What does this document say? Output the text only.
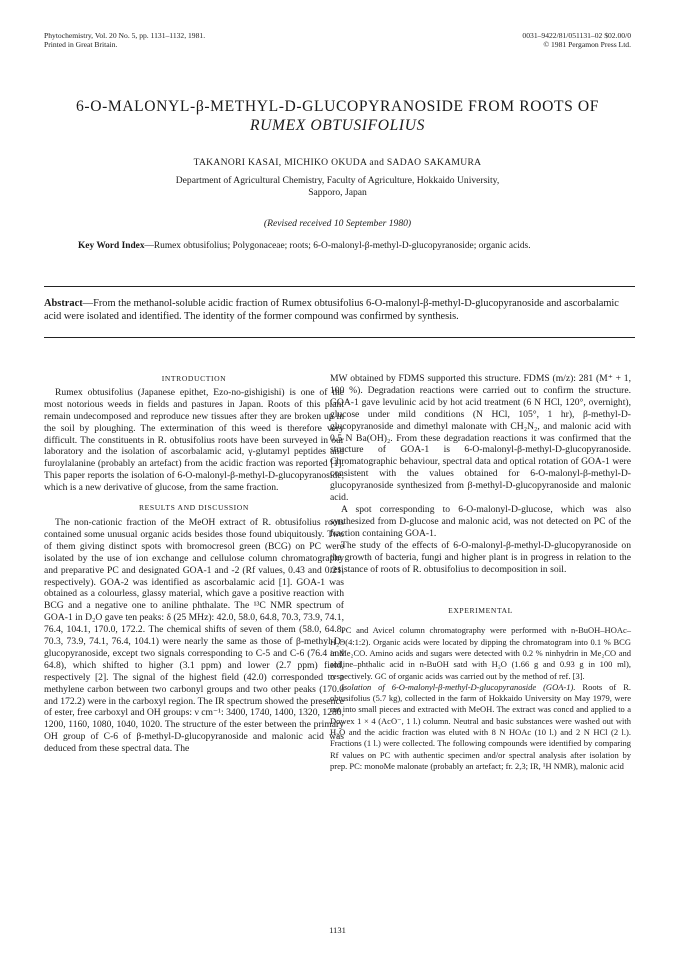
Phytochemistry, Vol. 20 No. 5, pp. 1131–1132, 1981.
Printed in Great Britain.
0031–9422/81/051131–02 $02.00/0
© 1981 Pergamon Press Ltd.
6-O-MALONYL-β-METHYL-D-GLUCOPYRANOSIDE FROM ROOTS OF
RUMEX OBTUSIFOLIUS
TAKANORI KASAI, MICHIKO OKUDA and SADAO SAKAMURA
Department of Agricultural Chemistry, Faculty of Agriculture, Hokkaido University,
Sapporo, Japan
(Revised received 10 September 1980)
Key Word Index—Rumex obtusifolius; Polygonaceae; roots; 6-O-malonyl-β-methyl-D-glucopyranoside; organic acids.
Abstract—From the methanol-soluble acidic fraction of Rumex obtusifolius 6-O-malonyl-β-methyl-D-glucopyranoside and ascorbalamic acid were isolated and identified. The identity of the former compound was confirmed by synthesis.
INTRODUCTION

Rumex obtusifolius (Japanese epithet, Ezo-no-gishigishi) is one of the most notorious weeds in fields and pastures in Japan. Roots of this plant remain undecomposed and reproduce new tissues after they are broken up in the soil by ploughing. The extermination of this weed is therefore very difficult. The constituents in R. obtusifolius roots have been surveyed in our laboratory and the isolation of ascorbalamic acid, γ-glutamyl peptides and furoylalanine (probably an artefact) from the acidic fraction was reported [1]. This paper reports the isolation of 6-O-malonyl-β-methyl-D-glucopyranoside, which is a new derivative of glucose, from the same fraction.

RESULTS AND DISCUSSION

The non-cationic fraction of the MeOH extract of R. obtusifolius roots contained some unusual organic acids besides those found ubiquitously. Two of them giving distinct spots with bromocresol green (BCG) on PC were isolated by the use of ion exchange and cellulose column chromatography and preparative PC and designated GOA-1 and -2 (Rf values, 0.43 and 0.21, respectively). GOA-2 was identified as ascorbalamic acid [1]. GOA-1 was obtained as a colourless, glassy material, which gave a positive reaction with BCG and a negative one to aniline phthalate. The ¹³C NMR spectrum of GOA-1 in D₂O gave ten peaks: δ (25 MHz): 42.0, 58.0, 64.8, 70.3, 73.9, 74.1, 76.4, 104.1, 170.0, 172.2. The chemical shifts of seven of them (58.0, 64.8, 70.3, 73.9, 74.1, 76.4, 104.1) were nearly the same as those of β-methyl-D-glucopyranoside, except two signals corresponding to C-5 and C-6 (76.4 and 64.8), which shifted to higher (3.1 ppm) and lower (2.7 ppm) field, respectively [2]. The signal of the highest field (42.0) corresponded to a methylene carbon between two carbonyl groups and two other peaks (170.0 and 172.2) were in the carboxyl region. The IR spectrum showed the presence of ester, free carboxyl and OH groups: ν cm⁻¹: 3400, 1740, 1400, 1320, 1280, 1200, 1160, 1080, 1040, 1020. The structure of the ester between the primary OH group of C-6 of β-methyl-D-glucopyranoside and malonic acid was deduced from these spectral data. The

MW obtained by FDMS supported this structure. FDMS (m/z): 281 (M⁺ + 1, 100 %). Degradation reactions were carried out to confirm the structure. GOA-1 gave levulinic acid by hot acid treatment (6 N HCl, 120°, overnight), glucose under mild conditions (N HCl, 105°, 1 hr), β-methyl-D-glucopyranoside and dimethyl malonate with CH₂N₂, and malonic acid with 0.5 N Ba(OH)₂. From these degradation reactions it was confirmed that the structure of GOA-1 is 6-O-malonyl-β-methyl-D-glucopyranoside. Chromatographic behaviour, spectral data and optical rotation of GOA-1 were consistent with the values obtained for 6-O-malonyl-β-methyl-D-glucopyranoside synthesized from β-methyl-D-glucopyranoside and malonic acid.

A spot corresponding to 6-O-malonyl-D-glucose, which was also synthesized from D-glucose and malonic acid, was not detected on PC of the fraction containing GOA-1.

The study of the effects of 6-O-malonyl-β-methyl-D-glucopyranoside on the growth of bacteria, fungi and higher plant is in progress in relation to the resistance of roots of R. obtusifolius to decomposition in soil.

EXPERIMENTAL

PC and Avicel column chromatography were performed with n-BuOH–HOAc–H₂O(4:1:2). Organic acids were located by dipping the chromatogram into 0.1 % BCG in Me₂CO. Amino acids and sugars were detected with 0.2 % ninhydrin in Me₂CO and aniline–phthalic acid in n-BuOH satd with H₂O (1.66 g and 0.93 g in 100 ml), respectively. GC of organic acids was carried out by the method of ref. [3].

Isolation of 6-O-malonyl-β-methyl-D-glucopyranoside (GOA-1). Roots of R. obtusifolius (5.7 kg), collected in the farm of Hokkaido University on May 1979, were cut into small pieces and extracted with MeOH. The extract was concd and applied to a Dowex 1 × 4 (AcO⁻, 1 l.) column. Neutral and basic substances were washed out with H₂O and the acidic fraction was eluted with 8 N HOAc (10 l.) and 2 N HCl (2 l.). Fractions (1 l.) were collected. The following compounds were identified by comparing Rf values on PC with authentic specimen and/or spectral analysis after isolation by prep. PC: monoMe malonate (probably an artefact; fr. 2,3; IR, ¹H NMR), malonic acid

1131
